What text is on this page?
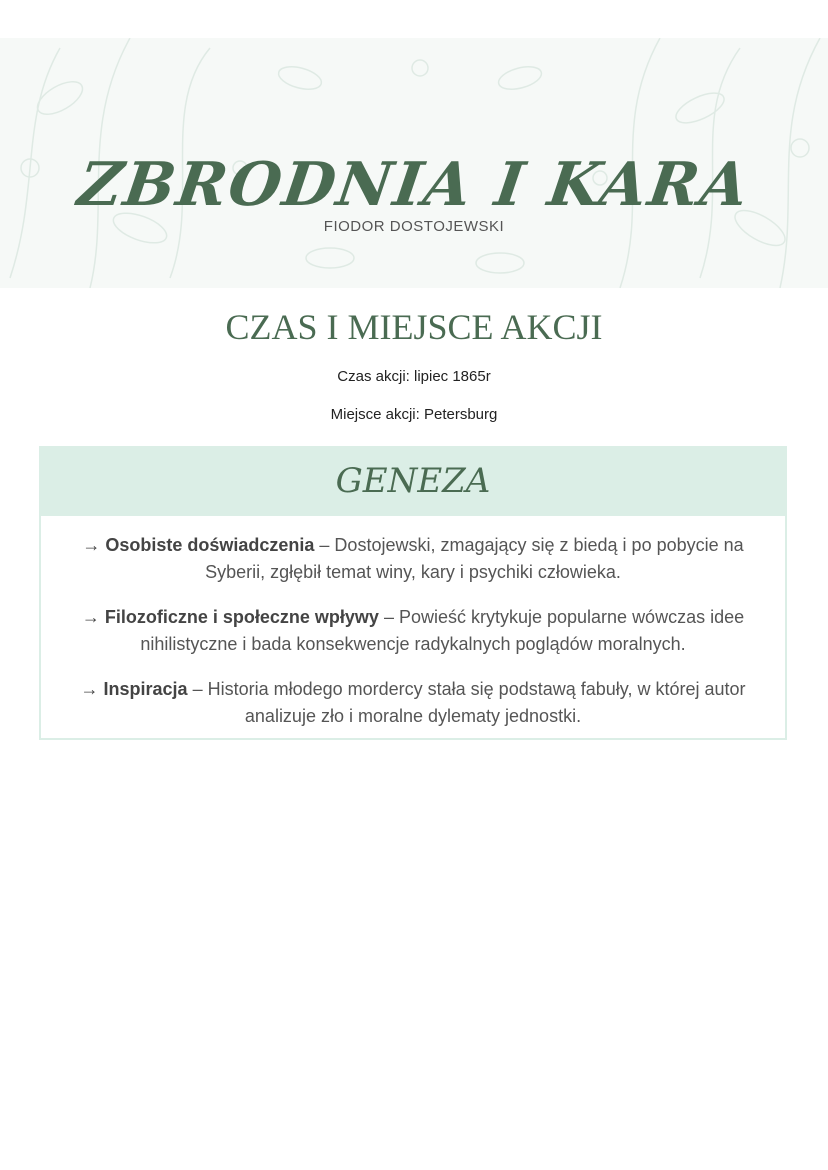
ZBRODNIA I KARA
FIODOR DOSTOJEWSKI
CZAS I MIEJSCE AKCJI
Czas akcji: lipiec 1865r
Miejsce akcji: Petersburg
GENEZA

→ Osobiste doświadczenia – Dostojewski, zmagający się z biedą i po pobycie na Syberii, zgłębił temat winy, kary i psychiki człowieka.

→ Filozoficzne i społeczne wpływy – Powieść krytykuje popularne wówczas idee nihilistyczne i bada konsekwencje radykalnych poglądów moralnych.

→ Inspiracja – Historia młodego mordercy stała się podstawą fabuły, w której autor analizuje zło i moralne dylematy jednostki.
